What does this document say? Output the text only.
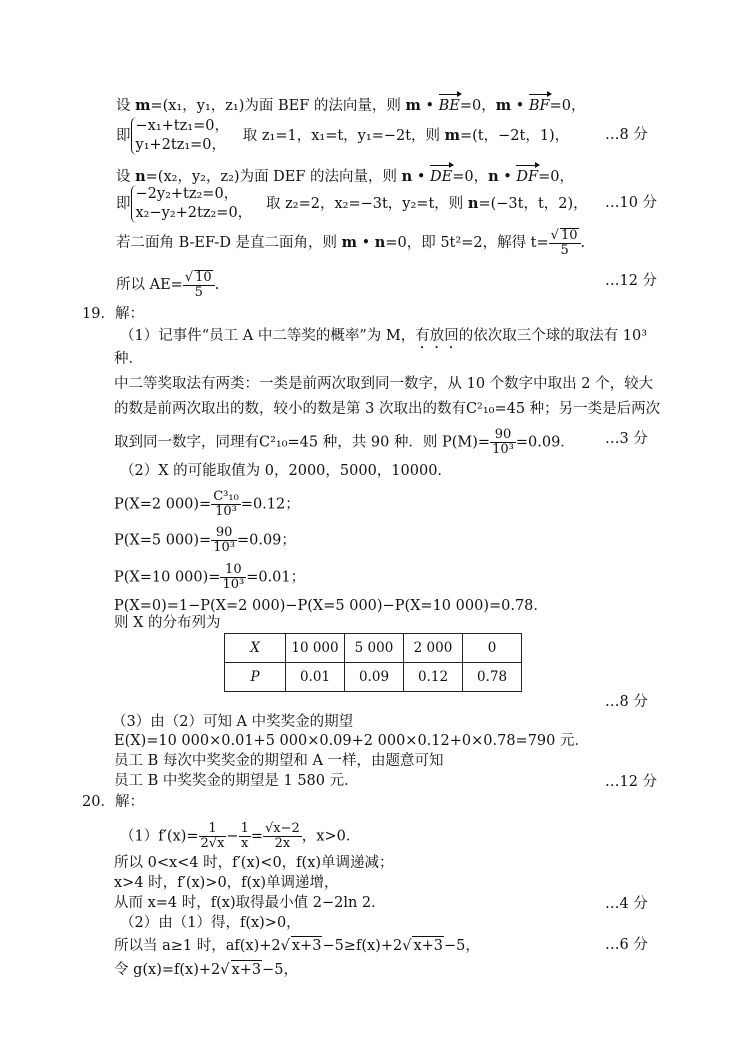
设 m=(x₁，y₁，z₁)为面 BEF 的法向量，则 m • BE=0，m • BF=0，
即
−x₁+tz₁=0，
y₁+2tz₁=0，
取 z₁=1，x₁=t，y₁=−2t，则 m=(t，−2t，1)， …8 分
设 n=(x₂，y₂，z₂)为面 DEF 的法向量，则 n • DE=0，n • DF=0，
即
−2y₂+tz₂=0，
x₂−y₂+2tz₂=0，
取 z₂=2，x₂=−3t，y₂=t，则 n=(−3t，t，2)， …10 分
若二面角 B-EF-D 是直二面角，则 m • n=0，即 5t²=2，解得 $t= \frac{√ 10}{5}$ .
所以 $AE= \frac{√ 10}{5}$ .	…12 分
19．解：
（1）记事件“员工 A 中二等奖的概率”为 M，有放回的依次取三个球的取法有 10³
种．
中二等奖取法有两类：一类是前两次取到同一数字，从 10 个数字中取出 2 个，较大
的数是前两次取出的数，较小的数是第 3 次取出的数有C²₁₀=45 种；另一类是后两次
取到同一数字，同理有C²₁₀=45 种，共 90 种．则 $P(M)= \frac{90}{\text{10³}} =0.09$． …3 分
（2）X 的可能取值为 0，2000，5000，10000．
P(X=2 $000)= \frac{\text{C³₁₀}}{\text{10³}} =0.12$；
P(X=5 $000)= \frac{90}{\text{10³}} =0.09$；
P(X=10 $000)= \frac{10}{\text{10³}} =0.01$；
P(X=0)=1−P(X=2 000)−P(X=5 000)−P(X=10 000)=0.78．
则 X 的分布列为
X	10 000	5 000	2 000	0
P	0.01	0.09	0.12	0.78
…8 分
（3）由（2）可知 A 中奖奖金的期望
E(X)=10 000×0.01+5 000×0.09+2 000×0.12+0×0.78=790 元．
员工 B 每次中奖奖金的期望和 A 一样，由题意可知
员工 B 中奖奖金的期望是 1 580 元．	…12 分
20．解：
$(1)f'(x)= \frac{1}{2√x} - \frac{1}{x} = \frac{√x-2}{2x}$ ，x>0．
所以 0<x<4 时，f′(x)<0，f(x)单调递减；
x>4 时，f′(x)>0，f(x)单调递增，
从而 x=4 时，f(x)取得最小值 2−2ln 2．	…4 分
（2）由（1）得，f(x)>0，
所以当 a≥1 时，af(x)+2√ x+3−5≥f(x)+2√ x+3−5，	…6 分
令 g(x)=f(x)+2√ x+3−5，
